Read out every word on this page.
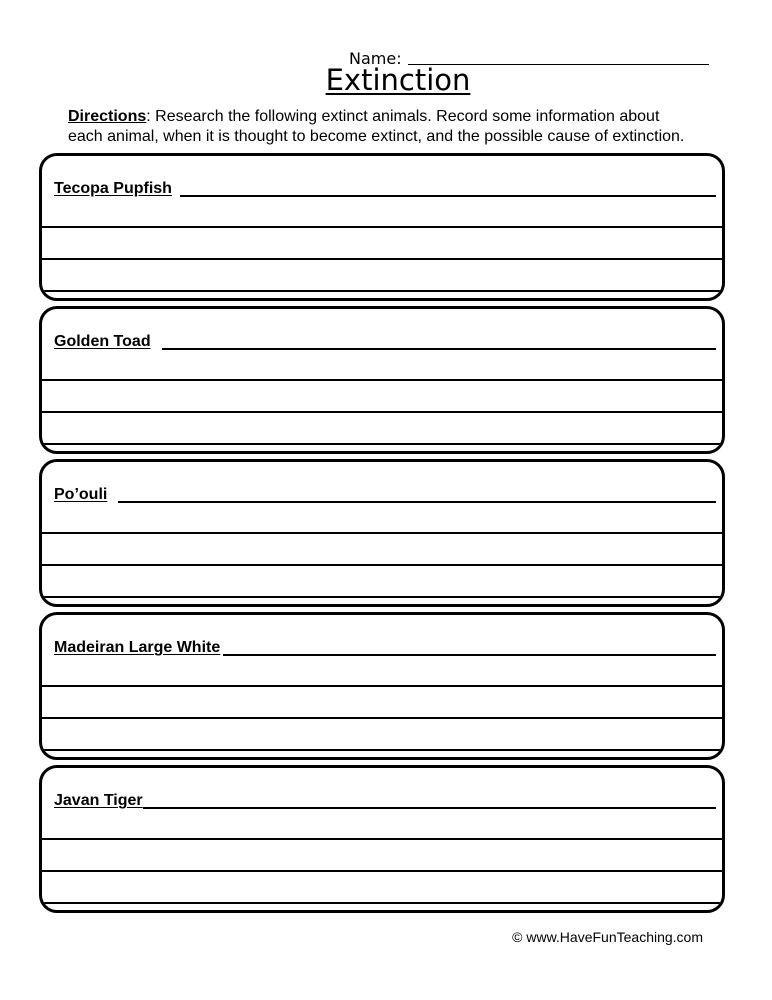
Name:
Extinction
Directions: Research the following extinct animals. Record some information about
each animal, when it is thought to become extinct, and the possible cause of extinction.
Tecopa Pupfish
Golden Toad
Po’ouli
Madeiran Large White
Javan Tiger
© www.HaveFunTeaching.com
